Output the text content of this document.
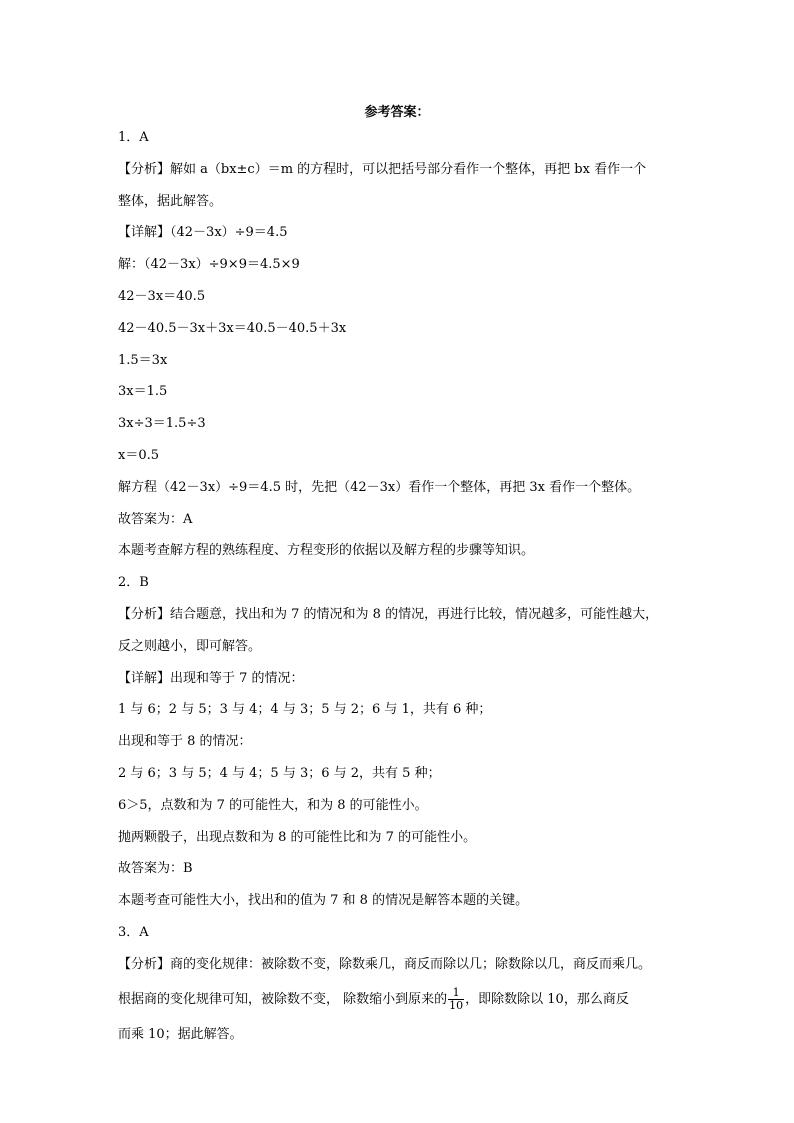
参考答案：
1．A
【分析】解如 a（bx±c）＝m 的方程时，可以把括号部分看作一个整体，再把 bx 看作一个
整体，据此解答。
【详解】（42－3x）÷9＝4.5
解：（42－3x）÷9×9＝4.5×9
42－3x＝40.5
42－40.5－3x＋3x＝40.5－40.5＋3x
1.5＝3x
3x＝1.5
3x÷3＝1.5÷3
x＝0.5
解方程（42－3x）÷9＝4.5 时，先把（42－3x）看作一个整体，再把 3x 看作一个整体。
故答案为：A
本题考查解方程的熟练程度、方程变形的依据以及解方程的步骤等知识。
2．B
【分析】结合题意，找出和为 7 的情况和为 8 的情况，再进行比较，情况越多，可能性越大，
反之则越小，即可解答。
【详解】出现和等于 7 的情况：
1 与 6；2 与 5；3 与 4；4 与 3；5 与 2；6 与 1，共有 6 种；
出现和等于 8 的情况：
2 与 6；3 与 5；4 与 4；5 与 3；6 与 2，共有 5 种；
6＞5，点数和为 7 的可能性大，和为 8 的可能性小。
抛两颗骰子，出现点数和为 8 的可能性比和为 7 的可能性小。
故答案为：B
本题考查可能性大小，找出和的值为 7 和 8 的情况是解答本题的关键。
3．A
【分析】商的变化规律：被除数不变，除数乘几，商反而除以几；除数除以几，商反而乘几。
根据商的变化规律可知，被除数不变， 除数缩小到原来的 $\frac{1}{10}$ ，即除数除以 10，那么商反
而乘 10；据此解答。
